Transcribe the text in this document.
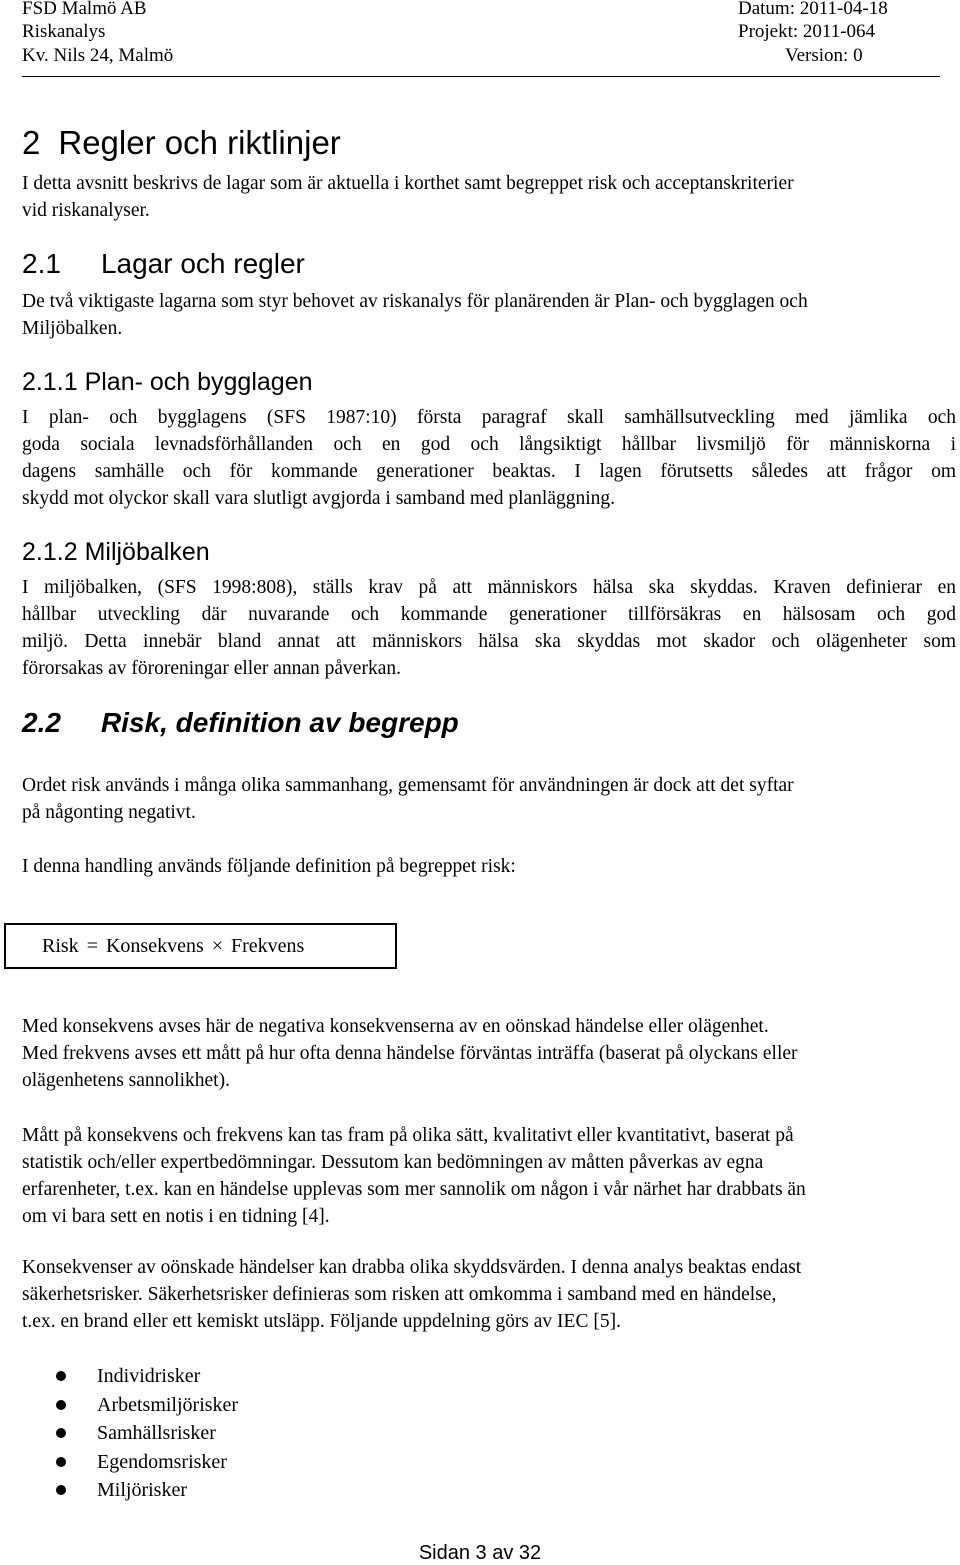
FSD Malmö AB
Riskanalys
Kv. Nils 24, Malmö
Datum: 2011-04-18
Projekt: 2011-064
Version: 0
2 Regler och riktlinjer
I detta avsnitt beskrivs de lagar som är aktuella i korthet samt begreppet risk och acceptanskriterier
vid riskanalyser.
2.1 Lagar och regler
De två viktigaste lagarna som styr behovet av riskanalys för planärenden är Plan- och bygglagen och
Miljöbalken.
2.1.1 Plan- och bygglagen
I plan- och bygglagens (SFS 1987:10) första paragraf skall samhällsutveckling med jämlika och
goda sociala levnadsförhållanden och en god och långsiktigt hållbar livsmiljö för människorna i
dagens samhälle och för kommande generationer beaktas. I lagen förutsetts således att frågor om
skydd mot olyckor skall vara slutligt avgjorda i samband med planläggning.
2.1.2 Miljöbalken
I miljöbalken, (SFS 1998:808), ställs krav på att människors hälsa ska skyddas. Kraven definierar en
hållbar utveckling där nuvarande och kommande generationer tillförsäkras en hälsosam och god
miljö. Detta innebär bland annat att människors hälsa ska skyddas mot skador och olägenheter som
förorsakas av föroreningar eller annan påverkan.
2.2 Risk, definition av begrepp
Ordet risk används i många olika sammanhang, gemensamt för användningen är dock att det syftar
på någonting negativt.
I denna handling används följande definition på begreppet risk:
Risk = Konsekvens × Frekvens
Med konsekvens avses här de negativa konsekvenserna av en oönskad händelse eller olägenhet.
Med frekvens avses ett mått på hur ofta denna händelse förväntas inträffa (baserat på olyckans eller
olägenhetens sannolikhet).
Mått på konsekvens och frekvens kan tas fram på olika sätt, kvalitativt eller kvantitativt, baserat på
statistik och/eller expertbedömningar. Dessutom kan bedömningen av måtten påverkas av egna
erfarenheter, t.ex. kan en händelse upplevas som mer sannolik om någon i vår närhet har drabbats än
om vi bara sett en notis i en tidning [4].
Konsekvenser av oönskade händelser kan drabba olika skyddsvärden. I denna analys beaktas endast
säkerhetsrisker. Säkerhetsrisker definieras som risken att omkomma i samband med en händelse,
t.ex. en brand eller ett kemiskt utsläpp. Följande uppdelning görs av IEC [5].
Individrisker
Arbetsmiljörisker
Samhällsrisker
Egendomsrisker
Miljörisker
Sidan 3 av 32
